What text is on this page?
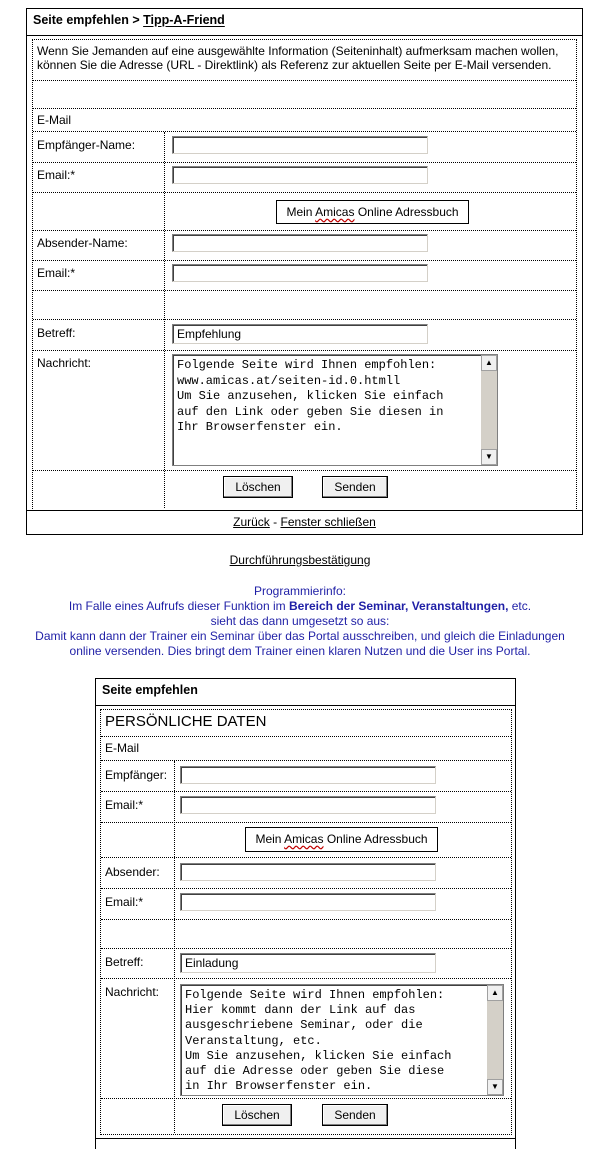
Seite empfehlen > Tipp-A-Friend
Wenn Sie Jemanden auf eine ausgewählte Information (Seiteninhalt) aufmerksam machen wollen,
können Sie die Adresse (URL - Direktlink) als Referenz zur aktuellen Seite per E-Mail versenden.
E-Mail
Empfänger-Name:
Email:*
Mein Amicas Online Adressbuch
Absender-Name:
Email:*
Betreff:
Empfehlung
Nachricht:	Folgende Seite wird Ihnen empfohlen:
www.amicas.at/seiten-id.0.htmll
Um Sie anzusehen, klicken Sie einfach
auf den Link oder geben Sie diesen in
Ihr Browserfenster ein.
▲
▼
Löschen	Senden
Zurück - Fenster schließen
Durchführungsbestätigung
Programmierinfo:
Im Falle eines Aufrufs dieser Funktion im Bereich der Seminar, Veranstaltungen, etc.
sieht das dann umgesetzt so aus:
Damit kann dann der Trainer ein Seminar über das Portal ausschreiben, und gleich die Einladungen
online versenden. Dies bringt dem Trainer einen klaren Nutzen und die User ins Portal.
Seite empfehlen
PERSÖNLICHE DATEN
E-Mail
Empfänger:
Email:*
Mein Amicas Online Adressbuch
Absender:
Email:*
Betreff:
Einladung
Nachricht:	Folgende Seite wird Ihnen empfohlen:
Hier kommt dann der Link auf das
ausgeschriebene Seminar, oder die
Veranstaltung, etc.
Um Sie anzusehen, klicken Sie einfach
auf die Adresse oder geben Sie diese
in Ihr Browserfenster ein.
▲
▼
Löschen	Senden
